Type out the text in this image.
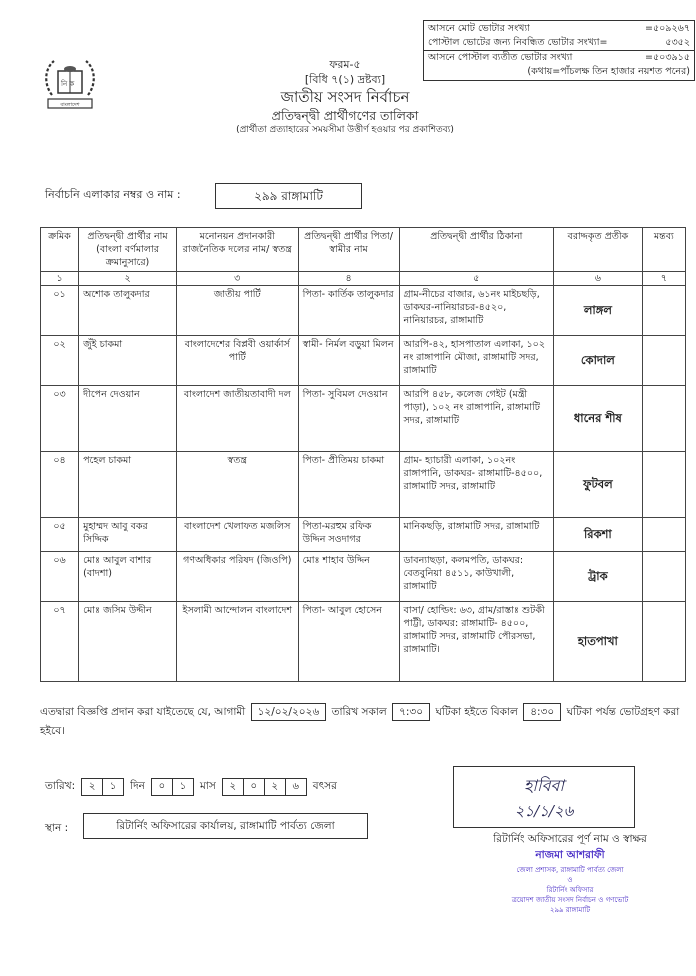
আসনে মোট ভোটার সংখ্যা	=৫০৯২৬৭
পোস্টাল ভোটের জন্য নিবন্ধিত ভোটার সংখ্যা=	৫৩৫২
আসনে পোস্টাল ব্যতীত ভোটার সংখ্যা	=৫০৩৯১৫
(কথায়=পাঁচলক্ষ তিন হাজার নয়শত পনের)
নি ক
বাংলাদেশ
ফরম-৫
[বিধি ৭(১) দ্রষ্টব্য]
জাতীয় সংসদ নির্বাচন
প্রতিদ্বন্দ্বী প্রার্থীগণের তালিকা
(প্রার্থীতা প্রত্যাহারের সময়সীমা উত্তীর্ণ হওয়ার পর প্রকাশিতব্য)
নির্বাচনি এলাকার নম্বর ও নাম :	২৯৯ রাঙ্গামাটি
ক্রমিক	প্রতিদ্বন্দ্বী প্রার্থীর নাম (বাংলা বর্ণমালার ক্রমানুসারে)	মনোনয়ন প্রদানকারী রাজনৈতিক দলের নাম/ স্বতন্ত্র	প্রতিদ্বন্দ্বী প্রার্থীর পিতা/ স্বামীর নাম	প্রতিদ্বন্দ্বী প্রার্থীর ঠিকানা	বরাদ্দকৃত প্রতীক	মন্তব্য
১	২	৩	৪	৫	৬	৭
০১	অশোক তালুকদার	জাতীয় পার্টি	পিতা- কার্তিক তালুকদার	গ্রাম-নীচের বাজার, ৬১নং মাইচছড়ি, ডাকঘর-নানিয়ারচর-৪৫২০, নানিয়ারচর, রাঙ্গামাটি	লাঙ্গল	
০২	জুঁই চাকমা	বাংলাদেশের বিপ্লবী ওয়ার্কার্স পার্টি	স্বামী- নির্মল বড়ুয়া মিলন	আরপি-৪২, হাসপাতাল এলাকা, ১০২ নং রাঙ্গাপানি মৌজা, রাঙ্গামাটি সদর, রাঙ্গামাটি	কোদাল	
০৩	দীপেন দেওয়ান	বাংলাদেশ জাতীয়তাবাদী দল	পিতা- সুবিমল দেওয়ান	আরপি ৪৫৮, কলেজ গেইট (মন্ত্রী পাড়া), ১০২ নং রাঙ্গাপানি, রাঙ্গামাটি সদর, রাঙ্গামাটি	ধানের শীষ	
০৪	পহেল চাকমা	স্বতন্ত্র	পিতা- প্রীতিময় চাকমা	গ্রাম- হ্যাচারী এলাকা, ১০২নং রাঙ্গাপানি, ডাকঘর- রাঙ্গামাটি-৪৫০০, রাঙ্গামাটি সদর, রাঙ্গামাটি	ফুটবল	
০৫	মুহাম্মদ আবু বকর সিদ্দিক	বাংলাদেশ খেলাফত মজলিস	পিতা-মরহুম রফিক উদ্দিন সওদাগর	মানিকছড়ি, রাঙ্গামাটি সদর, রাঙ্গামাটি	রিকশা	
০৬	মোঃ আবুল বাশার (বাদশা)	গণঅধিকার পরিষদ (জিওপি)	মোঃ শাহাব উদ্দিন	ডাবন্যাছড়া, কলমপতি, ডাকঘর: বেতবুনিয়া ৪৫১১, কাউখালী, রাঙ্গামাটি	ট্রাক	
০৭	মোঃ জসিম উদ্দীন	ইসলামী আন্দোলন বাংলাদেশ	পিতা- আবুল হোসেন	বাসা/ হোল্ডিং: ৬৩, গ্রাম/রাস্তাঃ শুটকী পাট্টী, ডাকঘর: রাঙ্গামাটি- ৪৫০০, রাঙ্গামাটি সদর, রাঙ্গামাটি পৌরসভা, রাঙ্গামাটি।	হাতপাখা	
এতদ্বারা বিজ্ঞপ্তি প্রদান করা যাইতেছে যে, আগামী ১২/০২/২০২৬ তারিখ সকাল ৭:৩০ ঘটিকা হইতে বিকাল ৪:৩০ ঘটিকা পর্যন্ত ভোটগ্রহণ করা হইবে।
তারিখ:	২	১	দিন	০	১	মাস	২	০	২	৬	বৎসর
স্থান :	রিটার্নিং অফিসারের কার্যালয়, রাঙ্গামাটি পার্বত্য জেলা
হাবিবা
২১/১/২৬
রিটার্নিং অফিসারের পূর্ণ নাম ও স্বাক্ষর
নাজমা আশরাফী
জেলা প্রশাসক, রাঙ্গামাটি পার্বত্য জেলা
ও
রিটার্নিং অফিসার
ত্রয়োদশ জাতীয় সংসদ নির্বাচন ও গণভোট
২৯৯ রাঙ্গামাটি
